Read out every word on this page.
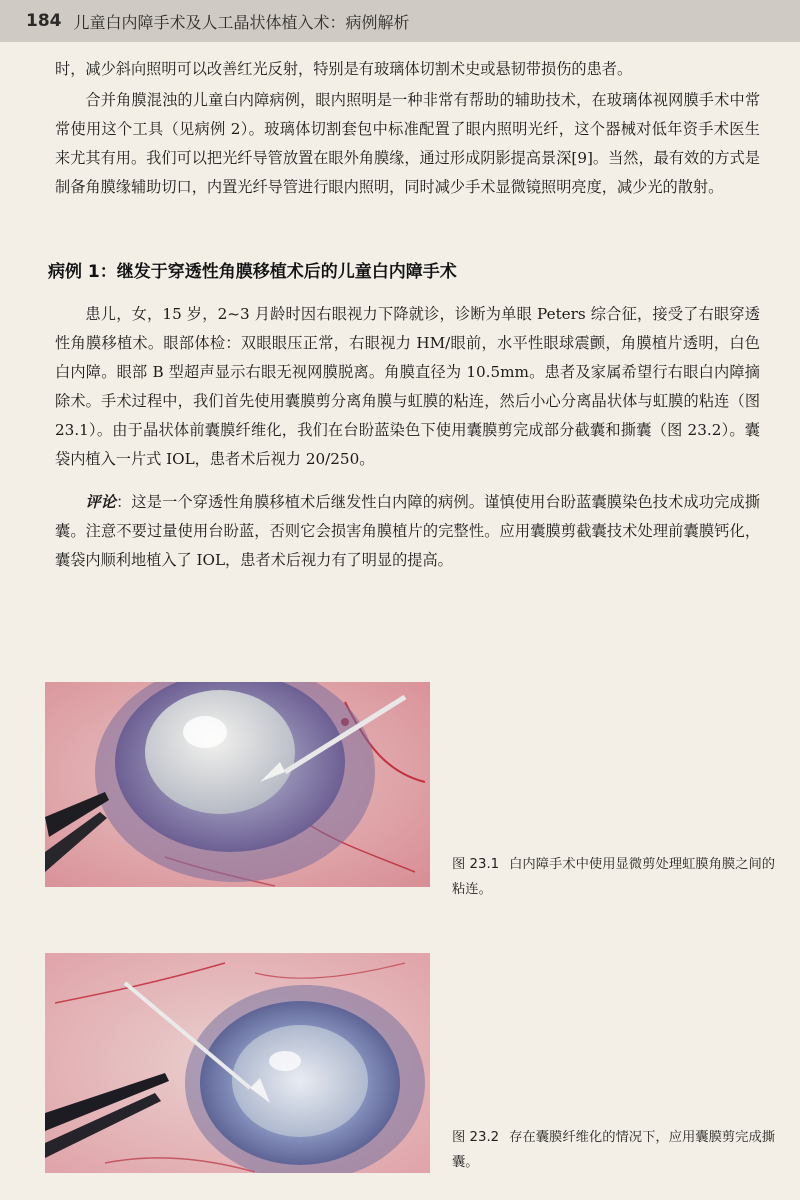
184 儿童白内障手术及人工晶状体植入术：病例解析

时，减少斜向照明可以改善红光反射，特别是有玻璃体切割术史或悬韧带损伤的患者。

合并角膜混浊的儿童白内障病例，眼内照明是一种非常有帮助的辅助技术，在玻璃体视网膜手术中常常使用这个工具（见病例 2）。玻璃体切割套包中标准配置了眼内照明光纤，这个器械对低年资手术医生来尤其有用。我们可以把光纤导管放置在眼外角膜缘，通过形成阴影提高景深[9]。当然，最有效的方式是制备角膜缘辅助切口，内置光纤导管进行眼内照明，同时减少手术显微镜照明亮度，减少光的散射。

病例 1：继发于穿透性角膜移植术后的儿童白内障手术

患儿，女，15 岁，2~3 月龄时因右眼视力下降就诊，诊断为单眼 Peters 综合征，接受了右眼穿透性角膜移植术。眼部体检：双眼眼压正常，右眼视力 HM/眼前，水平性眼球震颤，角膜植片透明，白色白内障。眼部 B 型超声显示右眼无视网膜脱离。角膜直径为 10.5mm。患者及家属希望行右眼白内障摘除术。手术过程中，我们首先使用囊膜剪分离角膜与虹膜的粘连，然后小心分离晶状体与虹膜的粘连（图 23.1）。由于晶状体前囊膜纤维化，我们在台盼蓝染色下使用囊膜剪完成部分截囊和撕囊（图 23.2）。囊袋内植入一片式 IOL，患者术后视力 20/250。

评论：这是一个穿透性角膜移植术后继发性白内障的病例。谨慎使用台盼蓝囊膜染色技术成功完成撕囊。注意不要过量使用台盼蓝，否则它会损害角膜植片的完整性。应用囊膜剪截囊技术处理前囊膜钙化，囊袋内顺利地植入了 IOL，患者术后视力有了明显的提高。

图 23.1 白内障手术中使用显微剪处理虹膜角膜之间的粘连。
图 23.2 存在囊膜纤维化的情况下，应用囊膜剪完成撕囊。
